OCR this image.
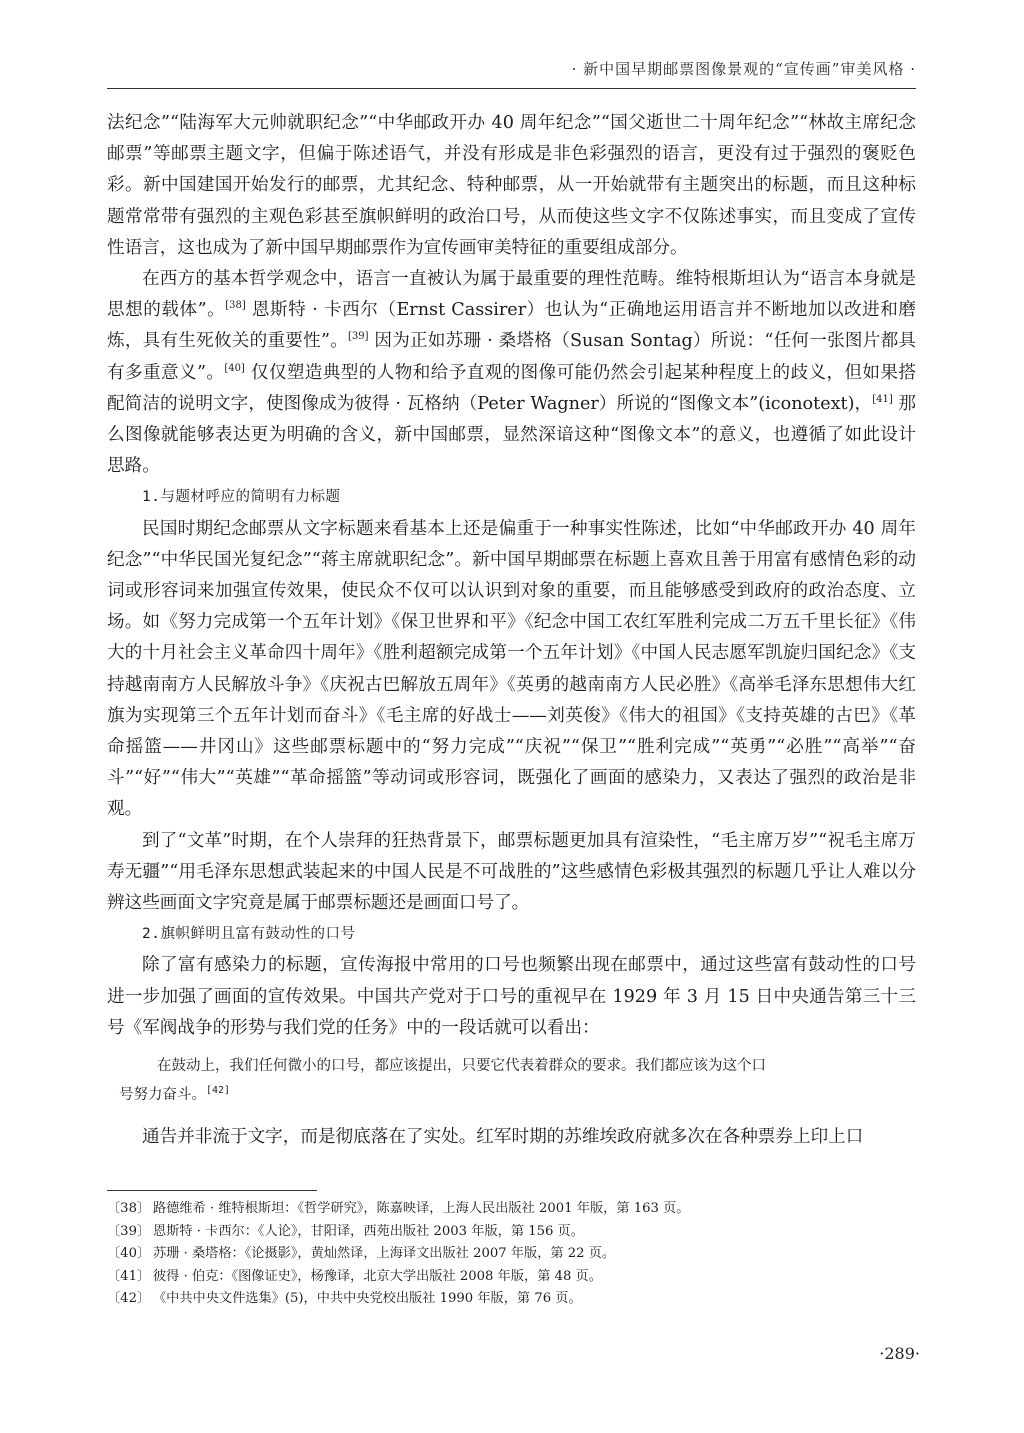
· 新中国早期邮票图像景观的“宣传画”审美风格 ·

法纪念”“陆海军大元帅就职纪念”“中华邮政开办 40 周年纪念”“国父逝世二十周年纪念”“林故主席纪念邮票”等邮票主题文字，但偏于陈述语气，并没有形成是非色彩强烈的语言，更没有过于强烈的褒贬色彩。新中国建国开始发行的邮票，尤其纪念、特种邮票，从一开始就带有主题突出的标题，而且这种标题常常带有强烈的主观色彩甚至旗帜鲜明的政治口号，从而使这些文字不仅陈述事实，而且变成了宣传性语言，这也成为了新中国早期邮票作为宣传画审美特征的重要组成部分。

在西方的基本哲学观念中，语言一直被认为属于最重要的理性范畴。维特根斯坦认为“语言本身就是思想的载体”。[38] 恩斯特 · 卡西尔（Ernst Cassirer）也认为“正确地运用语言并不断地加以改进和磨炼，具有生死攸关的重要性”。[39] 因为正如苏珊 · 桑塔格（Susan Sontag）所说：“任何一张图片都具有多重意义”。[40] 仅仅塑造典型的人物和给予直观的图像可能仍然会引起某种程度上的歧义，但如果搭配简洁的说明文字，使图像成为彼得 · 瓦格纳（Peter Wagner）所说的“图像文本”(iconotext)，[41] 那么图像就能够表达更为明确的含义，新中国邮票，显然深谙这种“图像文本”的意义，也遵循了如此设计思路。

1.与题材呼应的简明有力标题

民国时期纪念邮票从文字标题来看基本上还是偏重于一种事实性陈述，比如“中华邮政开办 40 周年纪念”“中华民国光复纪念”“蒋主席就职纪念”。新中国早期邮票在标题上喜欢且善于用富有感情色彩的动词或形容词来加强宣传效果，使民众不仅可以认识到对象的重要，而且能够感受到政府的政治态度、立场。如《努力完成第一个五年计划》《保卫世界和平》《纪念中国工农红军胜利完成二万五千里长征》《伟大的十月社会主义革命四十周年》《胜利超额完成第一个五年计划》《中国人民志愿军凯旋归国纪念》《支持越南南方人民解放斗争》《庆祝古巴解放五周年》《英勇的越南南方人民必胜》《高举毛泽东思想伟大红旗为实现第三个五年计划而奋斗》《毛主席的好战士——刘英俊》《伟大的祖国》《支持英雄的古巴》《革命摇篮——井冈山》这些邮票标题中的“努力完成”“庆祝”“保卫”“胜利完成”“英勇”“必胜”“高举”“奋斗”“好”“伟大”“英雄”“革命摇篮”等动词或形容词，既强化了画面的感染力，又表达了强烈的政治是非观。

到了“文革”时期，在个人崇拜的狂热背景下，邮票标题更加具有渲染性，“毛主席万岁”“祝毛主席万寿无疆”“用毛泽东思想武装起来的中国人民是不可战胜的”这些感情色彩极其强烈的标题几乎让人难以分辨这些画面文字究竟是属于邮票标题还是画面口号了。

2.旗帜鲜明且富有鼓动性的口号

除了富有感染力的标题，宣传海报中常用的口号也频繁出现在邮票中，通过这些富有鼓动性的口号进一步加强了画面的宣传效果。中国共产党对于口号的重视早在 1929 年 3 月 15 日中央通告第三十三号《军阀战争的形势与我们党的任务》中的一段话就可以看出：

在鼓动上，我们任何微小的口号，都应该提出，只要它代表着群众的要求。我们都应该为这个口
号努力奋斗。[42]

通告并非流于文字，而是彻底落在了实处。红军时期的苏维埃政府就多次在各种票券上印上口

〔38〕 路德维希 · 维特根斯坦：《哲学研究》，陈嘉映译，上海人民出版社 2001 年版，第 163 页。
〔39〕 恩斯特 · 卡西尔：《人论》，甘阳译，西苑出版社 2003 年版，第 156 页。
〔40〕 苏珊 · 桑塔格：《论摄影》，黄灿然译，上海译文出版社 2007 年版，第 22 页。
〔41〕 彼得 · 伯克：《图像证史》，杨豫译，北京大学出版社 2008 年版，第 48 页。
〔42〕 《中共中央文件选集》(5)，中共中央党校出版社 1990 年版，第 76 页。
·289·
